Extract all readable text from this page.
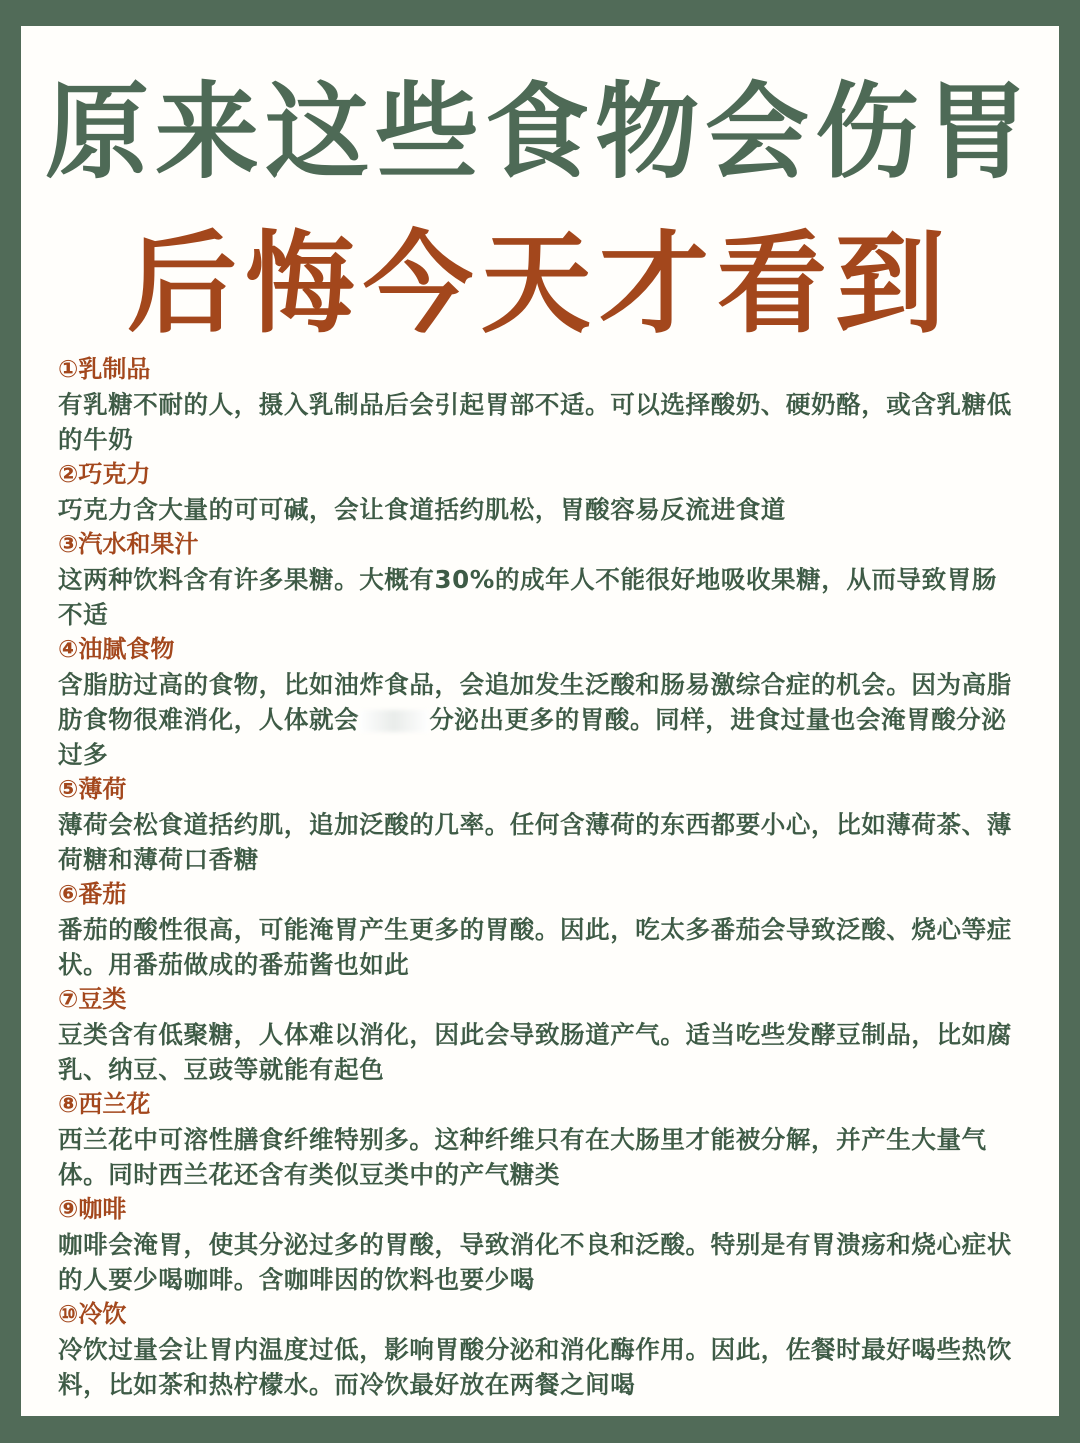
原来这些食物会伤胃
后悔今天才看到
①乳制品
有乳糖不耐的人，摄入乳制品后会引起胃部不适。可以选择酸奶、硬奶酪，或含乳糖低的牛奶
②巧克力
巧克力含大量的可可碱，会让食道括约肌松，胃酸容易反流进食道
③汽水和果汁
这两种饮料含有许多果糖。大概有30%的成年人不能很好地吸收果糖，从而导致胃肠不适
④油腻食物
含脂肪过高的食物，比如油炸食品，会追加发生泛酸和肠易激综合症的机会。因为高脂肪食物很难消化，人体就会	分泌出更多的胃酸。同样，进食过量也会淹胃酸分泌过多
⑤薄荷
薄荷会松食道括约肌，追加泛酸的几率。任何含薄荷的东西都要小心，比如薄荷茶、薄荷糖和薄荷口香糖
⑥番茄
番茄的酸性很高，可能淹胃产生更多的胃酸。因此，吃太多番茄会导致泛酸、烧心等症状。用番茄做成的番茄酱也如此
⑦豆类
豆类含有低聚糖，人体难以消化，因此会导致肠道产气。适当吃些发酵豆制品，比如腐乳、纳豆、豆豉等就能有起色
⑧西兰花
西兰花中可溶性膳食纤维特别多。这种纤维只有在大肠里才能被分解，并产生大量气体。同时西兰花还含有类似豆类中的产气糖类
⑨咖啡
咖啡会淹胃，使其分泌过多的胃酸，导致消化不良和泛酸。特别是有胃溃疡和烧心症状的人要少喝咖啡。含咖啡因的饮料也要少喝
⑩冷饮
冷饮过量会让胃内温度过低，影响胃酸分泌和消化酶作用。因此，佐餐时最好喝些热饮料，比如茶和热柠檬水。而冷饮最好放在两餐之间喝
